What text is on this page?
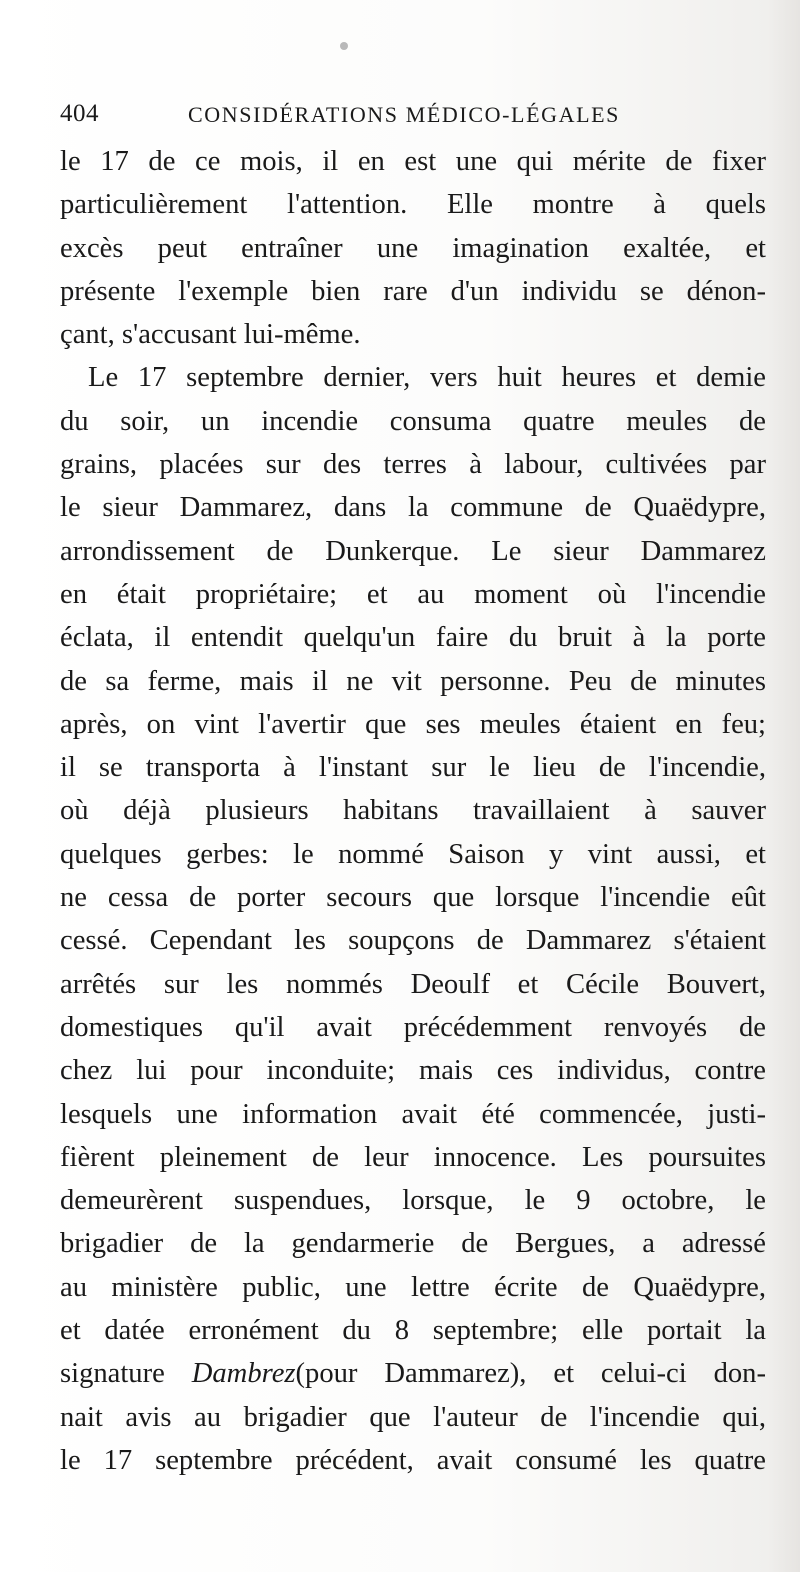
404	CONSIDÉRATIONS MÉDICO-LÉGALES
le 17 de ce mois, il en est une qui mérite de fixer
particulièrement l'attention. Elle montre à quels
excès peut entraîner une imagination exaltée, et
présente l'exemple bien rare d'un individu se dénon-
çant, s'accusant lui-même.
Le 17 septembre dernier, vers huit heures et demie
du soir, un incendie consuma quatre meules de
grains, placées sur des terres à labour, cultivées par
le sieur Dammarez, dans la commune de Quaëdypre,
arrondissement de Dunkerque. Le sieur Dammarez
en était propriétaire; et au moment où l'incendie
éclata, il entendit quelqu'un faire du bruit à la porte
de sa ferme, mais il ne vit personne. Peu de minutes
après, on vint l'avertir que ses meules étaient en feu;
il se transporta à l'instant sur le lieu de l'incendie,
où déjà plusieurs habitans travaillaient à sauver
quelques gerbes: le nommé Saison y vint aussi, et
ne cessa de porter secours que lorsque l'incendie eût
cessé. Cependant les soupçons de Dammarez s'étaient
arrêtés sur les nommés Deoulf et Cécile Bouvert,
domestiques qu'il avait précédemment renvoyés de
chez lui pour inconduite; mais ces individus, contre
lesquels une information avait été commencée, justi-
fièrent pleinement de leur innocence. Les poursuites
demeurèrent suspendues, lorsque, le 9 octobre, le
brigadier de la gendarmerie de Bergues, a adressé
au ministère public, une lettre écrite de Quaëdypre,
et datée erronément du 8 septembre; elle portait la
signature Dambrez(pour Dammarez), et celui-ci don-
nait avis au brigadier que l'auteur de l'incendie qui,
le 17 septembre précédent, avait consumé les quatre
